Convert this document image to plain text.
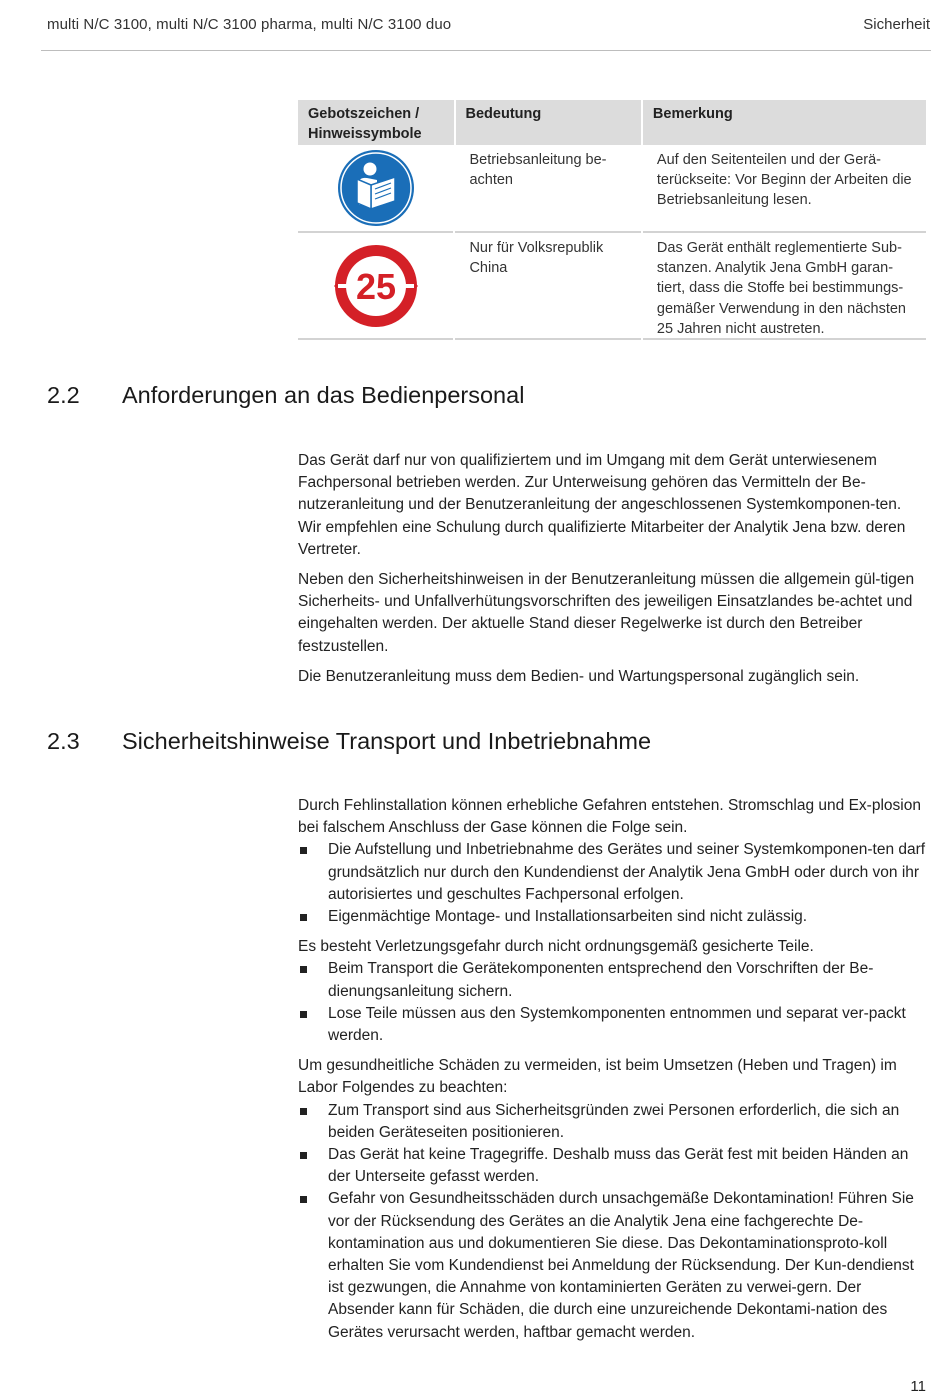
multi N/C 3100, multi N/C 3100 pharma, multi N/C 3100 duo	Sicherheit
Gebotszeichen / Hinweissymbole
Bedeutung	Bemerkung
Betriebsanleitung be-achten
Auf den Seitenteilen und der Gerä-terückseite: Vor Beginn der Arbeiten die Betriebsanleitung lesen.
25
Nur für Volksrepublik China
Das Gerät enthält reglementierte Sub-stanzen. Analytik Jena GmbH garan-tiert, dass die Stoffe bei bestimmungs-gemäßer Verwendung in den nächsten 25 Jahren nicht austreten.
2.2 Anforderungen an das Bedienpersonal

Das Gerät darf nur von qualifiziertem und im Umgang mit dem Gerät unterwiesenem Fachpersonal betrieben werden. Zur Unterweisung gehören das Vermitteln der Be-nutzeranleitung und der Benutzeranleitung der angeschlossenen Systemkomponen-ten. Wir empfehlen eine Schulung durch qualifizierte Mitarbeiter der Analytik Jena bzw. deren Vertreter.

Neben den Sicherheitshinweisen in der Benutzeranleitung müssen die allgemein gül-tigen Sicherheits- und Unfallverhütungsvorschriften des jeweiligen Einsatzlandes be-achtet und eingehalten werden. Der aktuelle Stand dieser Regelwerke ist durch den Betreiber festzustellen.

Die Benutzeranleitung muss dem Bedien- und Wartungspersonal zugänglich sein.

2.3 Sicherheitshinweise Transport und Inbetriebnahme

Durch Fehlinstallation können erhebliche Gefahren entstehen. Stromschlag und Ex-plosion bei falschem Anschluss der Gase können die Folge sein.

Die Aufstellung und Inbetriebnahme des Gerätes und seiner Systemkomponen-ten darf grundsätzlich nur durch den Kundendienst der Analytik Jena GmbH oder durch von ihr autorisiertes und geschultes Fachpersonal erfolgen.
Eigenmächtige Montage- und Installationsarbeiten sind nicht zulässig.

Es besteht Verletzungsgefahr durch nicht ordnungsgemäß gesicherte Teile.

Beim Transport die Gerätekomponenten entsprechend den Vorschriften der Be-dienungsanleitung sichern.
Lose Teile müssen aus den Systemkomponenten entnommen und separat ver-packt werden.

Um gesundheitliche Schäden zu vermeiden, ist beim Umsetzen (Heben und Tragen) im Labor Folgendes zu beachten:

Zum Transport sind aus Sicherheitsgründen zwei Personen erforderlich, die sich an beiden Geräteseiten positionieren.
Das Gerät hat keine Tragegriffe. Deshalb muss das Gerät fest mit beiden Händen an der Unterseite gefasst werden.
Gefahr von Gesundheitsschäden durch unsachgemäße Dekontamination! Führen Sie vor der Rücksendung des Gerätes an die Analytik Jena eine fachgerechte De-kontamination aus und dokumentieren Sie diese. Das Dekontaminationsproto-koll erhalten Sie vom Kundendienst bei Anmeldung der Rücksendung. Der Kun-dendienst ist gezwungen, die Annahme von kontaminierten Geräten zu verwei-gern. Der Absender kann für Schäden, die durch eine unzureichende Dekontami-nation des Gerätes verursacht werden, haftbar gemacht werden.
11
